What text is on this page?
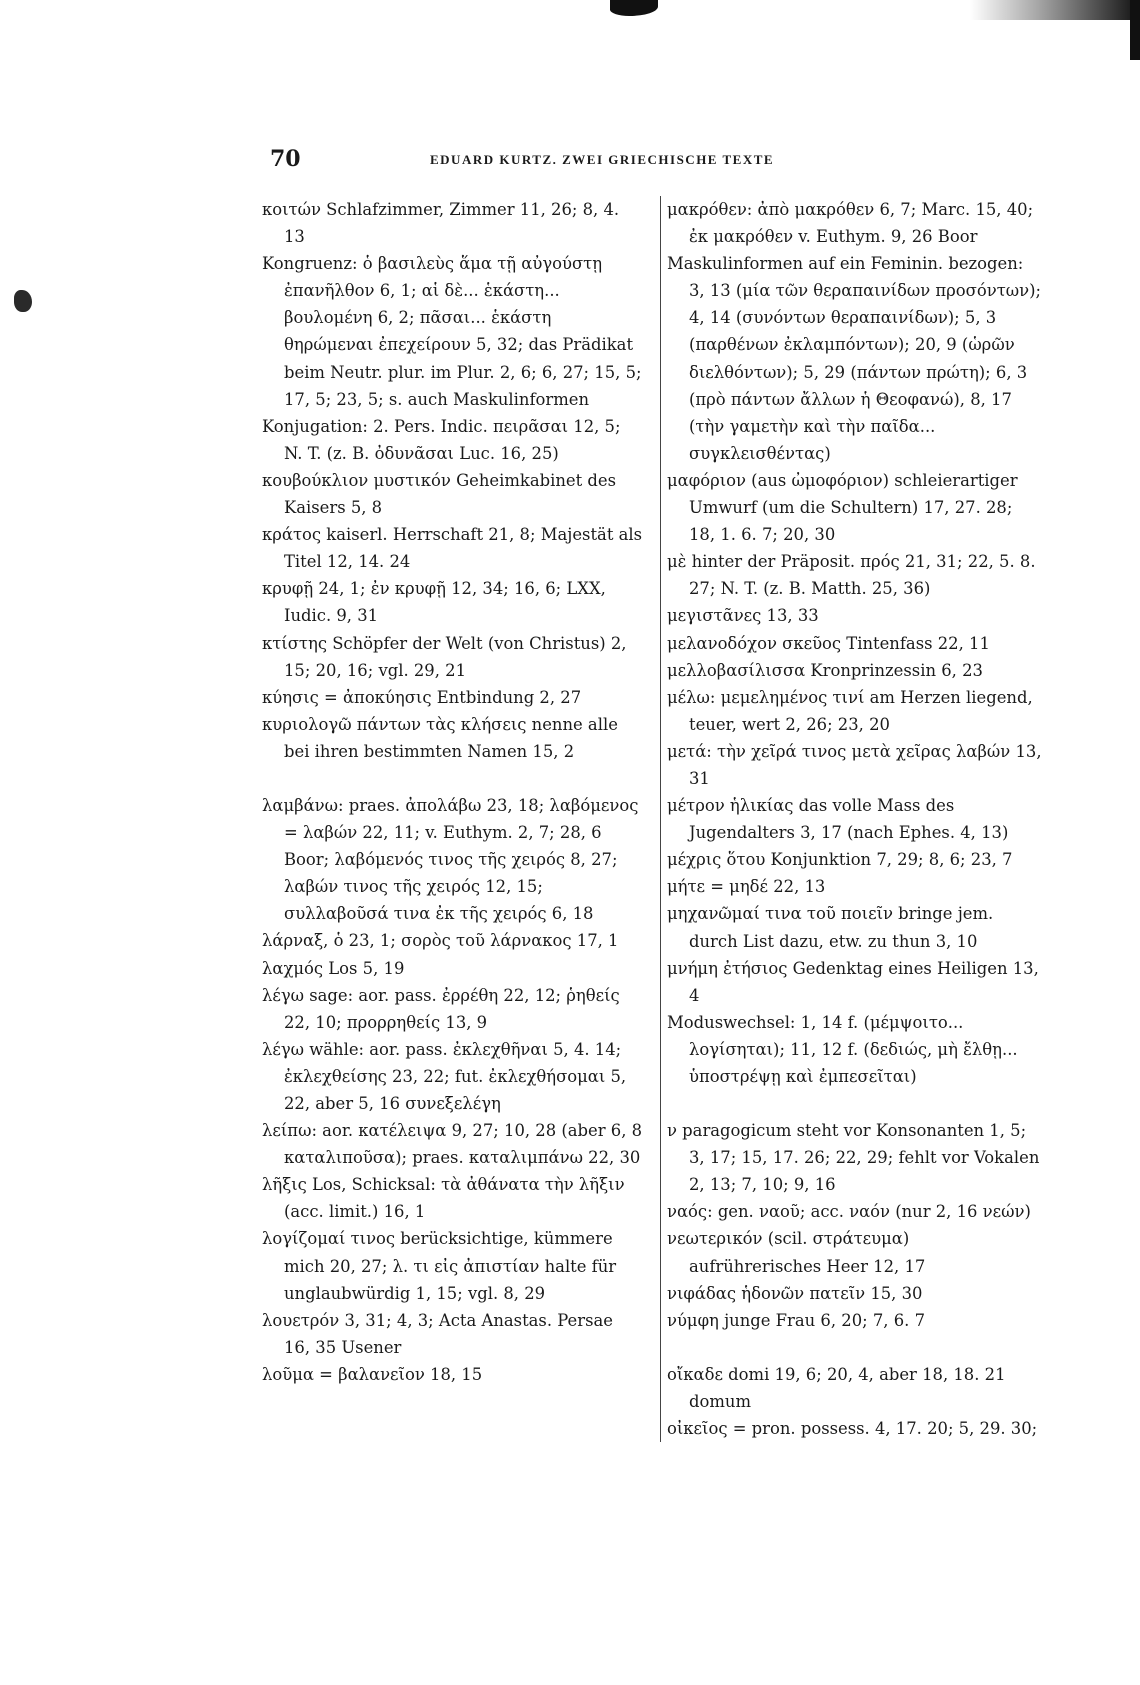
70	EDUARD KURTZ. ZWEI GRIECHISCHE TEXTE

κοιτών Schlafzimmer, Zimmer 11, 26; 8, 4. 13

Kongruenz: ὁ βασιλεὺς ἅμα τῇ αὐγούστῃ ἐπανῆλθον 6, 1; αἱ δὲ... ἑκάστη... βουλομένη 6, 2; πᾶσαι... ἑκάστη θηρώμεναι ἐπεχείρουν 5, 32; das Prädikat beim Neutr. plur. im Plur. 2, 6; 6, 27; 15, 5; 17, 5; 23, 5; s. auch Maskulinformen

Konjugation: 2. Pers. Indic. πειρᾶσαι 12, 5; N. T. (z. B. ὀδυνᾶσαι Luc. 16, 25)

κουβούκλιον μυστικόν Geheimkabinet des Kaisers 5, 8

κράτος kaiserl. Herrschaft 21, 8; Majestät als Titel 12, 14. 24

κρυφῇ 24, 1; ἐν κρυφῇ 12, 34; 16, 6; LXX, Iudic. 9, 31

κτίστης Schöpfer der Welt (von Christus) 2, 15; 20, 16; vgl. 29, 21

κύησις = ἀποκύησις Entbindung 2, 27

κυριολογῶ πάντων τὰς κλήσεις nenne alle bei ihren bestimmten Namen 15, 2

λαμβάνω: praes. ἀπολάβω 23, 18; λαβόμενος = λαβών 22, 11; v. Euthym. 2, 7; 28, 6 Boor; λαβόμενός τινος τῆς χειρός 8, 27; λαβών τινος τῆς χειρός 12, 15; συλλαβοῦσά τινα ἐκ τῆς χειρός 6, 18

λάρναξ, ὁ 23, 1; σορὸς τοῦ λάρνακος 17, 1

λαχμός Los 5, 19

λέγω sage: aor. pass. ἐρρέθη 22, 12; ῥηθείς 22, 10; προρρηθείς 13, 9

λέγω wähle: aor. pass. ἐκλεχθῆναι 5, 4. 14; ἐκλεχθείσης 23, 22; fut. ἐκλεχθήσομαι 5, 22, aber 5, 16 συνεξελέγη

λείπω: aor. κατέλειψα 9, 27; 10, 28 (aber 6, 8 καταλιποῦσα); praes. καταλιμπάνω 22, 30

λῆξις Los, Schicksal: τὰ ἀθάνατα τὴν λῆξιν (acc. limit.) 16, 1

λογίζομαί τινος berücksichtige, kümmere mich 20, 27; λ. τι εἰς ἀπιστίαν halte für unglaubwürdig 1, 15; vgl. 8, 29

λουετρόν 3, 31; 4, 3; Acta Anastas. Persae 16, 35 Usener

λοῦμα = βαλανεῖον 18, 15

μακρόθεν: ἀπὸ μακρόθεν 6, 7; Marc. 15, 40; ἐκ μακρόθεν v. Euthym. 9, 26 Boor

Maskulinformen auf ein Feminin. bezogen: 3, 13 (μία τῶν θεραπαινίδων προσόντων); 4, 14 (συνόντων θεραπαινίδων); 5, 3 (παρθένων ἐκλαμπόντων); 20, 9 (ὡρῶν διελθόντων); 5, 29 (πάντων πρώτη); 6, 3 (πρὸ πάντων ἄλλων ἡ Θεοφανώ), 8, 17 (τὴν γαμετὴν καὶ τὴν παῖδα... συγκλεισθέντας)

μαφόριον (aus ὠμοφόριον) schleierartiger Umwurf (um die Schultern) 17, 27. 28; 18, 1. 6. 7; 20, 30

μὲ hinter der Präposit. πρός 21, 31; 22, 5. 8. 27; N. T. (z. B. Matth. 25, 36)

μεγιστᾶνες 13, 33

μελανοδόχον σκεῦος Tintenfass 22, 11

μελλοβασίλισσα Kronprinzessin 6, 23

μέλω: μεμελημένος τινί am Herzen liegend, teuer, wert 2, 26; 23, 20

μετά: τὴν χεῖρά τινος μετὰ χεῖρας λαβών 13, 31

μέτρον ἡλικίας das volle Mass des Jugendalters 3, 17 (nach Ephes. 4, 13)

μέχρις ὅτου Konjunktion 7, 29; 8, 6; 23, 7

μήτε = μηδέ 22, 13

μηχανῶμαί τινα τοῦ ποιεῖν bringe jem. durch List dazu, etw. zu thun 3, 10

μνήμη ἐτήσιος Gedenktag eines Heiligen 13, 4

Moduswechsel: 1, 14 f. (μέμψοιτο... λογίσηται); 11, 12 f. (δεδιώς, μὴ ἔλθῃ... ὑποστρέψῃ καὶ ἐμπεσεῖται)

ν paragogicum steht vor Konsonanten 1, 5; 3, 17; 15, 17. 26; 22, 29; fehlt vor Vokalen 2, 13; 7, 10; 9, 16

ναός: gen. ναοῦ; acc. ναόν (nur 2, 16 νεών)

νεωτερικόν (scil. στράτευμα) aufrührerisches Heer 12, 17

νιφάδας ἡδονῶν πατεῖν 15, 30

νύμφη junge Frau 6, 20; 7, 6. 7

οἴκαδε domi 19, 6; 20, 4, aber 18, 18. 21 domum

οἰκεῖος = pron. possess. 4, 17. 20; 5, 29. 30;
